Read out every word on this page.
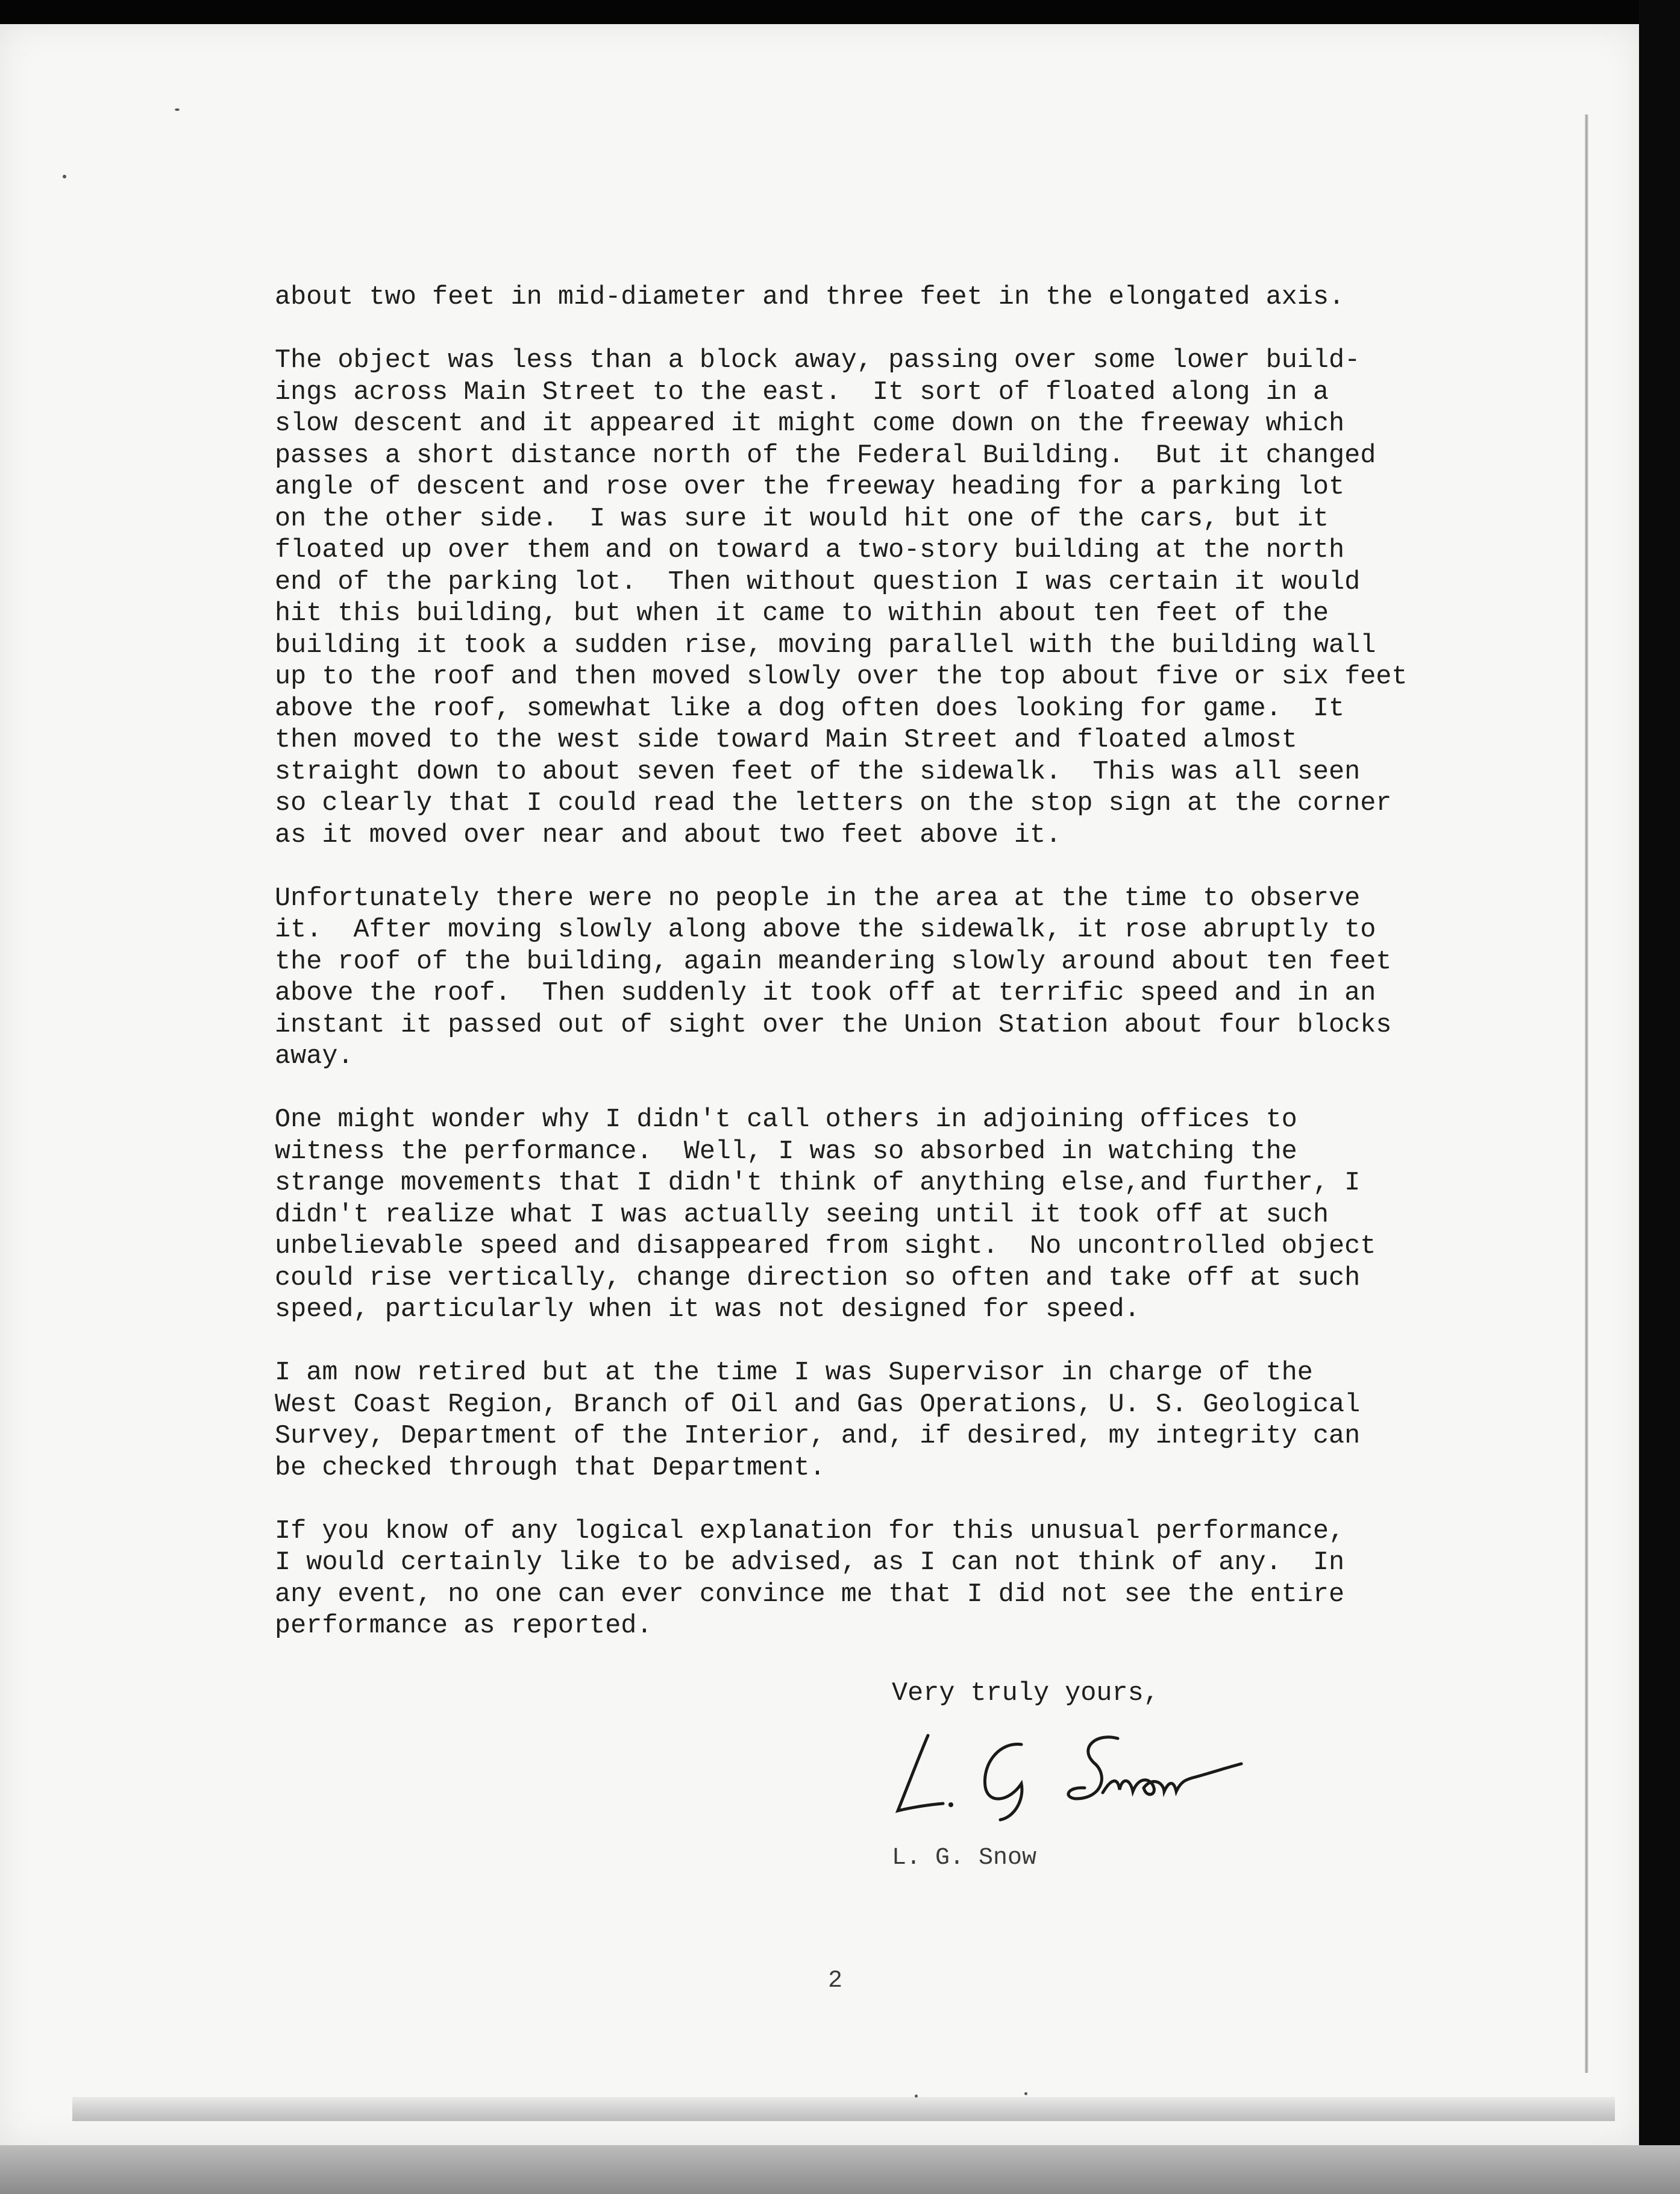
about two feet in mid-diameter and three feet in the elongated axis.

The object was less than a block away, passing over some lower build-
ings across Main Street to the east.  It sort of floated along in a
slow descent and it appeared it might come down on the freeway which
passes a short distance north of the Federal Building.  But it changed
angle of descent and rose over the freeway heading for a parking lot
on the other side.  I was sure it would hit one of the cars, but it
floated up over them and on toward a two-story building at the north
end of the parking lot.  Then without question I was certain it would
hit this building, but when it came to within about ten feet of the
building it took a sudden rise, moving parallel with the building wall
up to the roof and then moved slowly over the top about five or six feet
above the roof, somewhat like a dog often does looking for game.  It
then moved to the west side toward Main Street and floated almost
straight down to about seven feet of the sidewalk.  This was all seen
so clearly that I could read the letters on the stop sign at the corner
as it moved over near and about two feet above it.

Unfortunately there were no people in the area at the time to observe
it.  After moving slowly along above the sidewalk, it rose abruptly to
the roof of the building, again meandering slowly around about ten feet
above the roof.  Then suddenly it took off at terrific speed and in an
instant it passed out of sight over the Union Station about four blocks
away.

One might wonder why I didn't call others in adjoining offices to
witness the performance.  Well, I was so absorbed in watching the
strange movements that I didn't think of anything else,and further, I
didn't realize what I was actually seeing until it took off at such
unbelievable speed and disappeared from sight.  No uncontrolled object
could rise vertically, change direction so often and take off at such
speed, particularly when it was not designed for speed.

I am now retired but at the time I was Supervisor in charge of the
West Coast Region, Branch of Oil and Gas Operations, U. S. Geological
Survey, Department of the Interior, and, if desired, my integrity can
be checked through that Department.

If you know of any logical explanation for this unusual performance,
I would certainly like to be advised, as I can not think of any.  In
any event, no one can ever convince me that I did not see the entire
performance as reported.

Very truly yours,
L. G Snow
L. G. Snow
2
